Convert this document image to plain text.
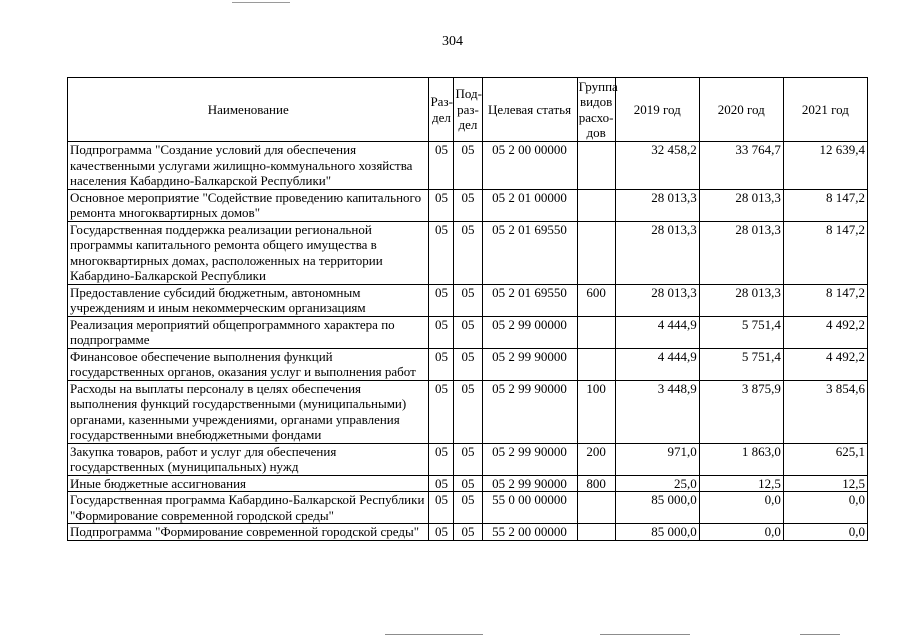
304
Наименование	Раз-дел	Под-раз-дел	Целевая статья	Группа видов расхо-дов	2019 год	2020 год	2021 год
Подпрограмма "Создание условий для обеспечения качественными услугами жилищно-коммунального хозяйства населения Кабардино-Балкарской Республики"	05	05	05 2 00 00000		32 458,2	33 764,7	12 639,4
Основное мероприятие "Содействие проведению капитального ремонта многоквартирных домов"	05	05	05 2 01 00000		28 013,3	28 013,3	8 147,2
Государственная поддержка реализации региональной программы капитального ремонта общего имущества в многоквартирных домах, расположенных на территории Кабардино-Балкарской Республики	05	05	05 2 01 69550		28 013,3	28 013,3	8 147,2
Предоставление субсидий бюджетным, автономным учреждениям и иным некоммерческим организациям	05	05	05 2 01 69550	600	28 013,3	28 013,3	8 147,2
Реализация мероприятий общепрограммного характера по подпрограмме	05	05	05 2 99 00000		4 444,9	5 751,4	4 492,2
Финансовое обеспечение выполнения функций государственных органов, оказания услуг и выполнения работ	05	05	05 2 99 90000		4 444,9	5 751,4	4 492,2
Расходы на выплаты персоналу в целях обеспечения выполнения функций государственными (муниципальными) органами, казенными учреждениями, органами управления государственными внебюджетными фондами	05	05	05 2 99 90000	100	3 448,9	3 875,9	3 854,6
Закупка товаров, работ и услуг для обеспечения государственных (муниципальных) нужд	05	05	05 2 99 90000	200	971,0	1 863,0	625,1
Иные бюджетные ассигнования	05	05	05 2 99 90000	800	25,0	12,5	12,5
Государственная программа Кабардино-Балкарской Республики "Формирование современной городской среды"	05	05	55 0 00 00000		85 000,0	0,0	0,0
Подпрограмма "Формирование современной городской среды"	05	05	55 2 00 00000		85 000,0	0,0	0,0
